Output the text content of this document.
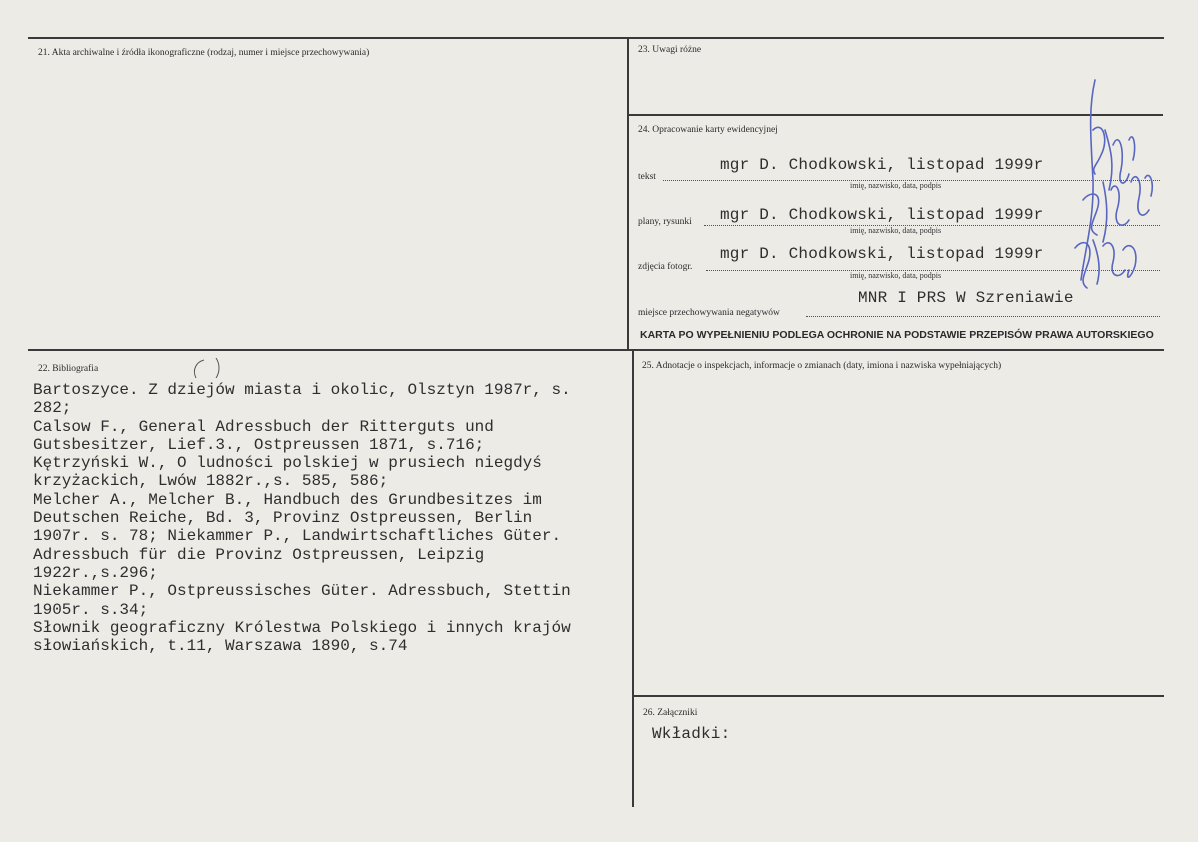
21. Akta archiwalne i źródła ikonograficzne (rodzaj, numer i miejsce przechowywania)	23. Uwagi różne
24. Opracowanie karty ewidencyjnej
tekst
mgr D. Chodkowski, listopad 1999r
imię, nazwisko, data, podpis
plany, rysunki mgr D. Chodkowski, listopad 1999r
imię, nazwisko, data, podpis
zdjęcia fotogr.
mgr D. Chodkowski, listopad 1999r
imię, nazwisko, data, podpis
MNR I PRS W Szreniawie
miejsce przechowywania negatywów
KARTA PO WYPEŁNIENIU PODLEGA OCHRONIE NA PODSTAWIE PRZEPISÓW PRAWA AUTORSKIEGO
22. Bibliografia
Bartoszyce. Z dziejów miasta i okolic, Olsztyn 1987r, s.
282;
Calsow F., General Adressbuch der Ritterguts und
Gutsbesitzer, Lief.3., Ostpreussen 1871, s.716;
Kętrzyński W., O ludności polskiej w prusiech niegdyś
krzyżackich, Lwów 1882r.,s. 585, 586;
Melcher A., Melcher B., Handbuch des Grundbesitzes im
Deutschen Reiche, Bd. 3, Provinz Ostpreussen, Berlin
1907r. s. 78; Niekammer P., Landwirtschaftliches Güter.
Adressbuch für die Provinz Ostpreussen, Leipzig
1922r.,s.296;
Niekammer P., Ostpreussisches Güter. Adressbuch, Stettin
1905r. s.34;
Słownik geograficzny Królestwa Polskiego i innych krajów
słowiańskich, t.11, Warszawa 1890, s.74
25. Adnotacje o inspekcjach, informacje o zmianach (daty, imiona i nazwiska wypełniających)
26. Załączniki
Wkładki:
